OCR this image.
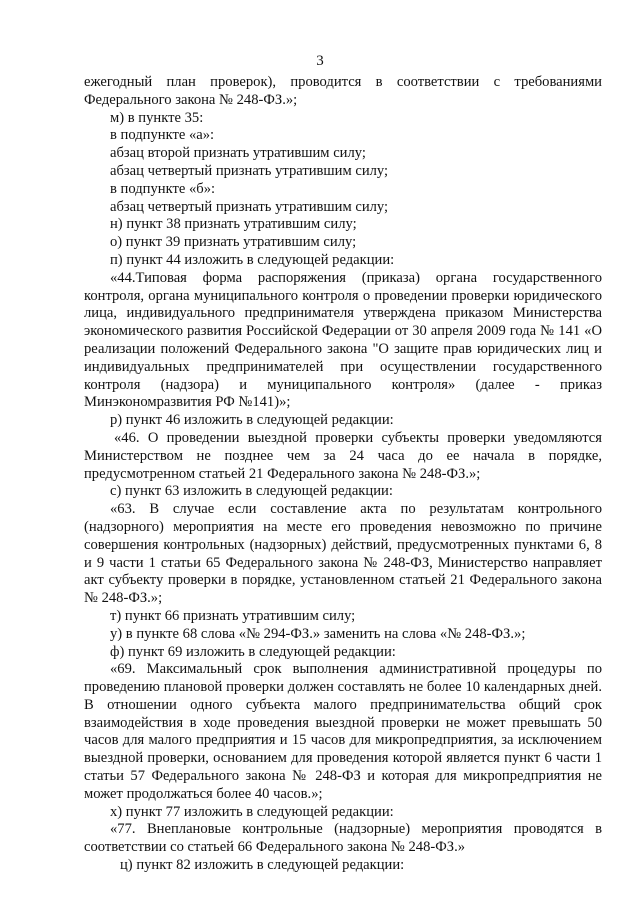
3

ежегодный план проверок), проводится в соответствии с требованиями Федерального закона № 248-ФЗ.»;

м) в пункте 35:

в подпункте «а»:

абзац второй признать утратившим силу;

абзац четвертый признать утратившим силу;

в подпункте «б»:

абзац четвертый признать утратившим силу;

н) пункт 38 признать утратившим силу;

о) пункт 39 признать утратившим силу;

п) пункт 44 изложить в следующей редакции:

«44.Типовая форма распоряжения (приказа) органа государственного контроля, органа муниципального контроля о проведении проверки юридического лица, индивидуального предпринимателя утверждена приказом Министерства экономического развития Российской Федерации от 30 апреля 2009 года № 141 «О реализации положений Федерального закона "О защите прав юридических лиц и индивидуальных предпринимателей при осуществлении государственного контроля (надзора) и муниципального контроля» (далее - приказ Минэкономразвития РФ №141)»;

р) пункт 46 изложить в следующей редакции:

«46. О проведении выездной проверки субъекты проверки уведомляются Министерством не позднее чем за 24 часа до ее начала в порядке, предусмотренном статьей 21 Федерального закона № 248-ФЗ.»;

с) пункт 63 изложить в следующей редакции:

«63. В случае если составление акта по результатам контрольного (надзорного) мероприятия на месте его проведения невозможно по причине совершения контрольных (надзорных) действий, предусмотренных пунктами 6, 8 и 9 части 1 статьи 65 Федерального закона № 248-ФЗ, Министерство направляет акт субъекту проверки в порядке, установленном статьей 21 Федерального закона № 248-ФЗ.»;

т) пункт 66 признать утратившим силу;

у) в пункте 68 слова «№ 294-ФЗ.» заменить на слова «№ 248-ФЗ.»;

ф) пункт 69 изложить в следующей редакции:

«69. Максимальный срок выполнения административной процедуры по проведению плановой проверки должен составлять не более 10 календарных дней. В отношении одного субъекта малого предпринимательства общий срок взаимодействия в ходе проведения выездной проверки не может превышать 50 часов для малого предприятия и 15 часов для микропредприятия, за исключением выездной проверки, основанием для проведения которой является пункт 6 части 1 статьи 57 Федерального закона № 248-ФЗ и которая для микропредприятия не может продолжаться более 40 часов.»;

х) пункт 77 изложить в следующей редакции:

«77. Внеплановые контрольные (надзорные) мероприятия проводятся в соответствии со статьей 66 Федерального закона № 248-ФЗ.»

ц) пункт 82 изложить в следующей редакции:
